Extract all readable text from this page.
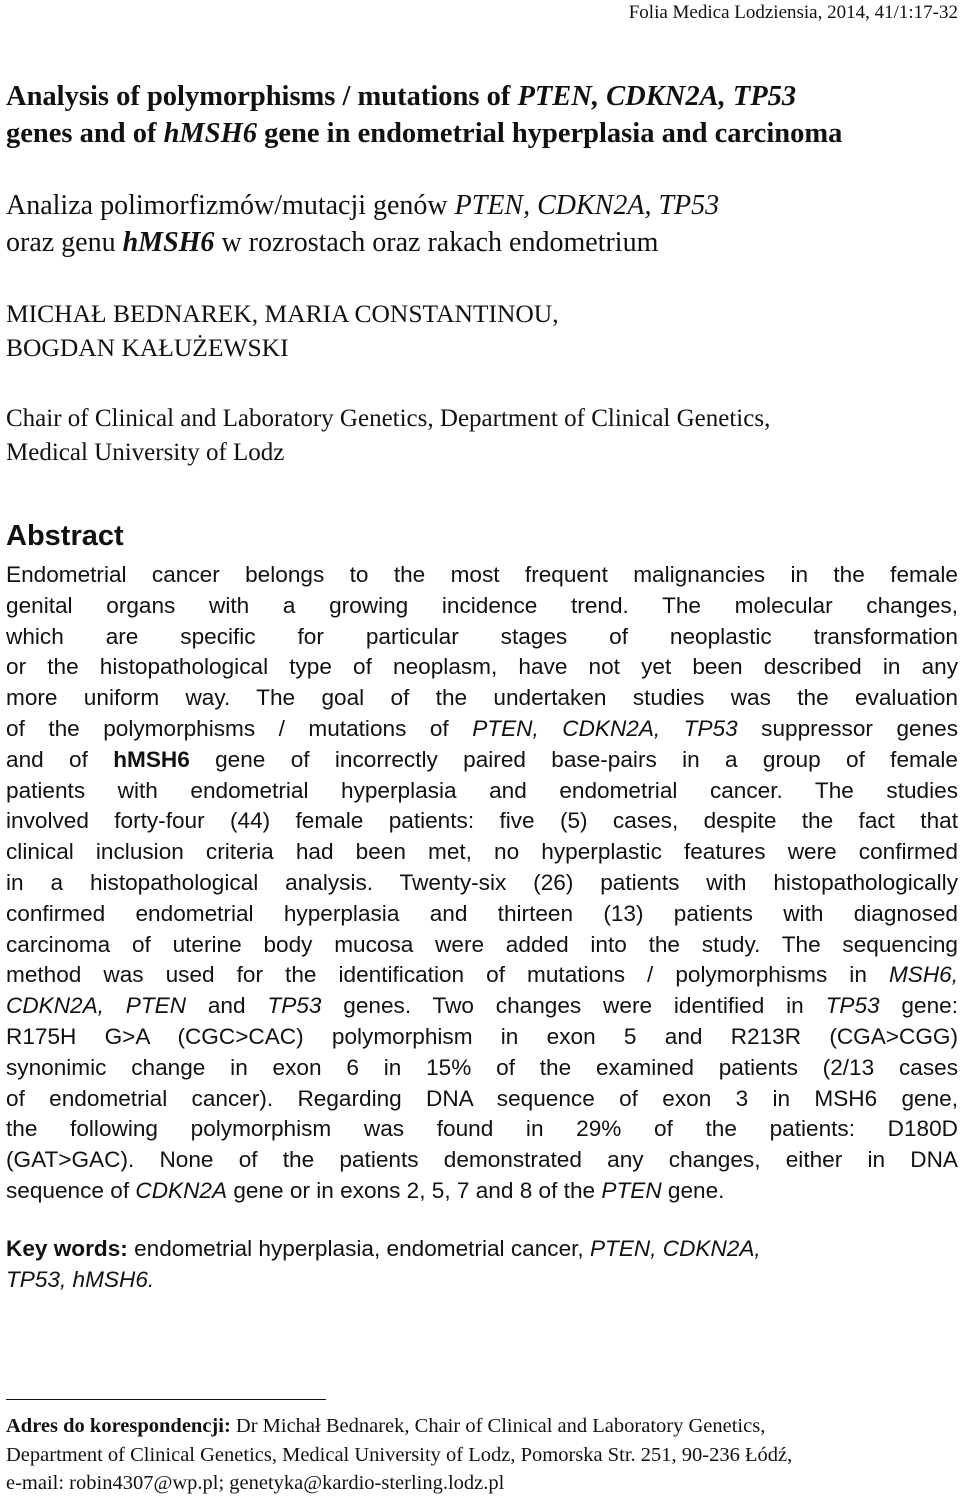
Folia Medica Lodziensia, 2014, 41/1:17-32
Analysis of polymorphisms / mutations of PTEN, CDKN2A, TP53
genes and of hMSH6 gene in endometrial hyperplasia and carcinoma
Analiza polimorfizmów/mutacji genów PTEN, CDKN2A, TP53
oraz genu hMSH6 w rozrostach oraz rakach endometrium
MICHAŁ BEDNAREK, MARIA CONSTANTINOU,
BOGDAN KAŁUŻEWSKI
Chair of Clinical and Laboratory Genetics, Department of Clinical Genetics,
Medical University of Lodz
Abstract
Endometrial cancer belongs to the most frequent malignancies in the female
genital organs with a growing incidence trend. The molecular changes,
which are specific for particular stages of neoplastic transformation
or the histopathological type of neoplasm, have not yet been described in any
more uniform way. The goal of the undertaken studies was the evaluation
of the polymorphisms / mutations of PTEN, CDKN2A, TP53 suppressor genes
and of hMSH6 gene of incorrectly paired base-pairs in a group of female
patients with endometrial hyperplasia and endometrial cancer. The studies
involved forty-four (44) female patients: five (5) cases, despite the fact that
clinical inclusion criteria had been met, no hyperplastic features were confirmed
in a histopathological analysis. Twenty-six (26) patients with histopathologically
confirmed endometrial hyperplasia and thirteen (13) patients with diagnosed
carcinoma of uterine body mucosa were added into the study. The sequencing
method was used for the identification of mutations / polymorphisms in MSH6,
CDKN2A, PTEN and TP53 genes. Two changes were identified in TP53 gene:
R175H G>A (CGC>CAC) polymorphism in exon 5 and R213R (CGA>CGG)
synonimic change in exon 6 in 15% of the examined patients (2/13 cases
of endometrial cancer). Regarding DNA sequence of exon 3 in MSH6 gene,
the following polymorphism was found in 29% of the patients: D180D
(GAT>GAC). None of the patients demonstrated any changes, either in DNA
sequence of CDKN2A gene or in exons 2, 5, 7 and 8 of the PTEN gene.
Key words: endometrial hyperplasia, endometrial cancer, PTEN, CDKN2A,
TP53, hMSH6.
Adres do korespondencji: Dr Michał Bednarek, Chair of Clinical and Laboratory Genetics,
Department of Clinical Genetics, Medical University of Lodz, Pomorska Str. 251, 90-236 Łódź,
e-mail: robin4307@wp.pl; genetyka@kardio-sterling.lodz.pl
